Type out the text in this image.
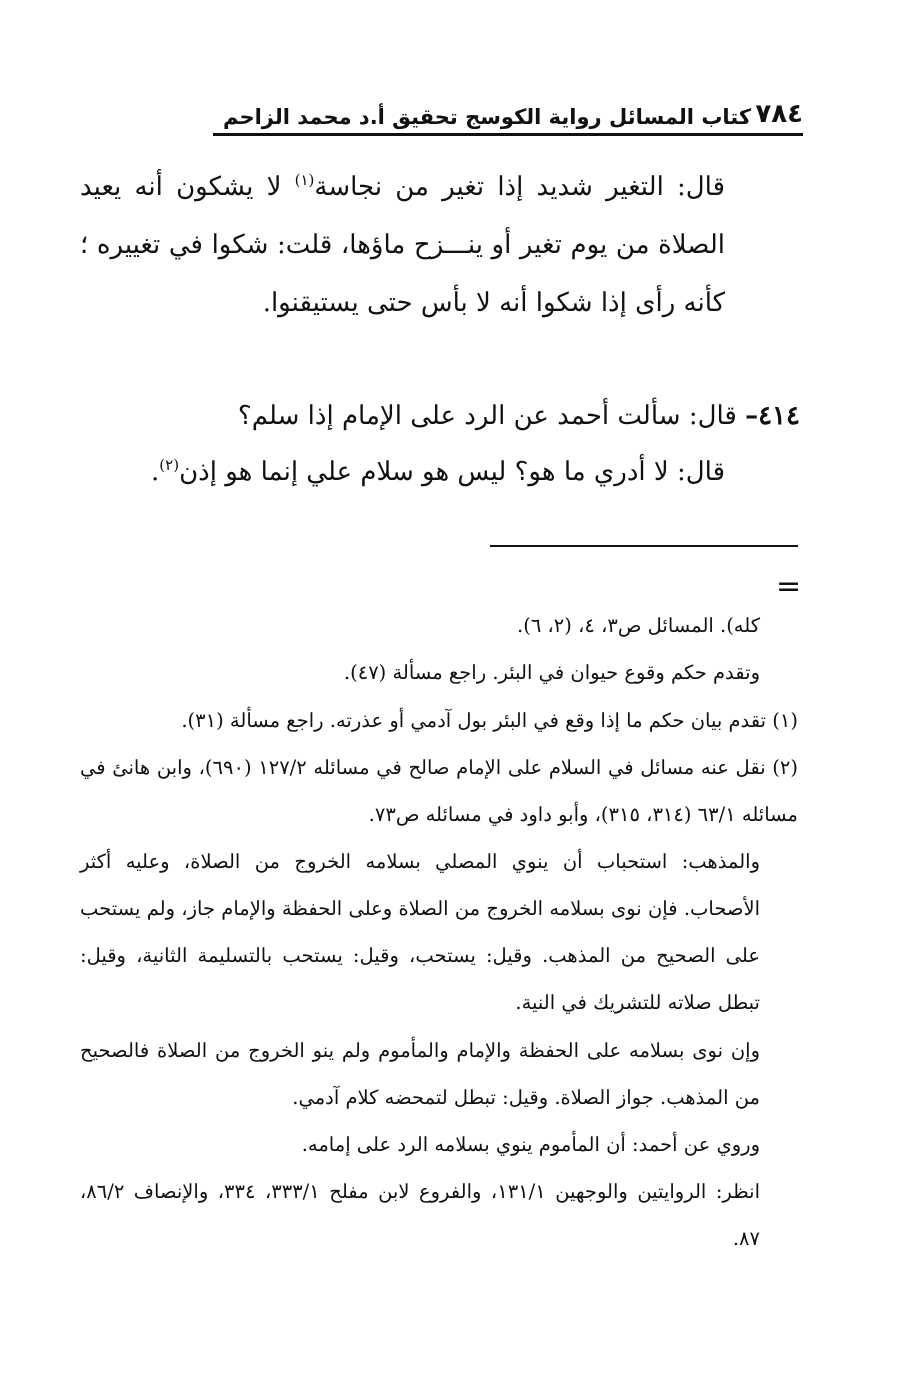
٧٨٤
كتاب المسائل رواية الكوسج تحقيق أ.د محمد الزاحم

قال: التغير شديد إذا تغير من نجاسة$^{(١)}$ لا يشكون أنه يعيد الصلاة من يوم تغير أو ينـــزح ماؤها، قلت: شكوا في تغييره ؛ كأنه رأى إذا شكوا أنه لا بأس حتى يستيقنوا.

٤١٤– قال: سألت أحمد عن الرد على الإمام إذا سلم؟

قال: لا أدري ما هو؟ ليس هو سلام علي إنما هو إذن$^{(٢)}$.

=

كله). المسائل ص٣، ٤، (٢، ٦).

وتقدم حكم وقوع حيوان في البئر. راجع مسألة (٤٧).

(١) تقدم بيان حكم ما إذا وقع في البئر بول آدمي أو عذرته. راجع مسألة (٣١).

(٢) نقل عنه مسائل في السلام على الإمام صالح في مسائله ١٢٧/٢ (٦٩٠)، وابن هانئ في مسائله ٦٣/١ (٣١٤، ٣١٥)، وأبو داود في مسائله ص٧٣.

والمذهب: استحباب أن ينوي المصلي بسلامه الخروج من الصلاة، وعليه أكثر الأصحاب. فإن نوى بسلامه الخروج من الصلاة وعلى الحفظة والإمام جاز، ولم يستحب على الصحيح من المذهب. وقيل: يستحب، وقيل: يستحب بالتسليمة الثانية، وقيل: تبطل صلاته للتشريك في النية.

وإن نوى بسلامه على الحفظة والإمام والمأموم ولم ينو الخروج من الصلاة فالصحيح من المذهب. جواز الصلاة. وقيل: تبطل لتمحضه كلام آدمي.

وروي عن أحمد: أن المأموم ينوي بسلامه الرد على إمامه.

انظر: الروايتين والوجهين ١٣١/١، والفروع لابن مفلح ٣٣٣/١، ٣٣٤، والإنصاف ٨٦/٢، ٨٧.
